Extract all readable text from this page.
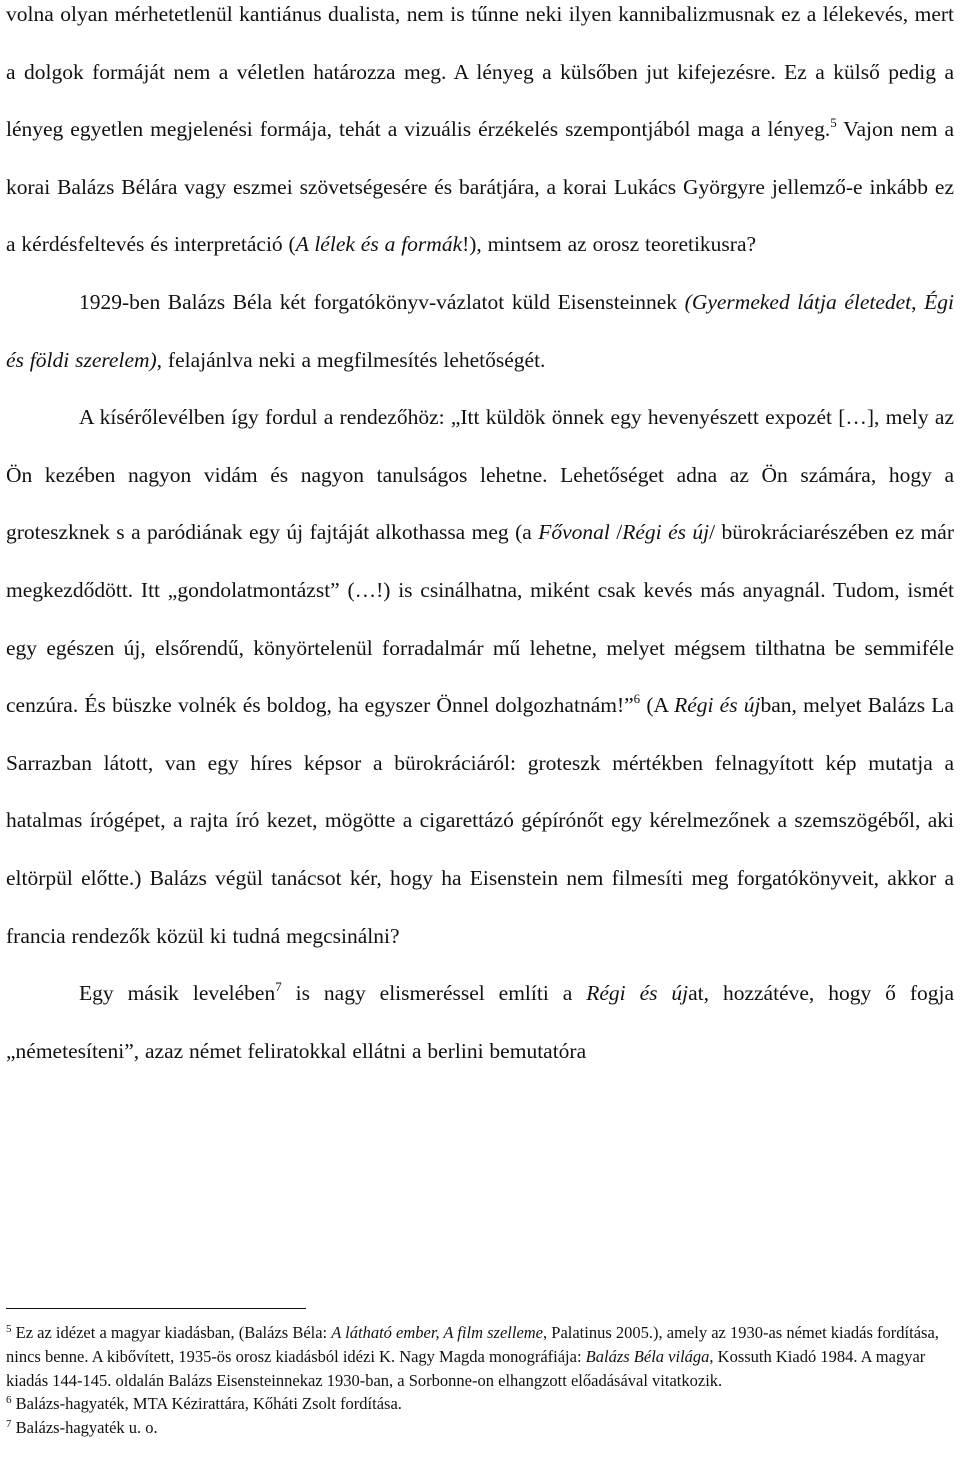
volna olyan mérhetetlenül kantiánus dualista, nem is tűnne neki ilyen kannibalizmusnak ez a lélekevés, mert a dolgok formáját nem a véletlen határozza meg. A lényeg a külsőben jut kifejezésre. Ez a külső pedig a lényeg egyetlen megjelenési formája, tehát a vizuális érzékelés szempontjából maga a lényeg.$^5$ Vajon nem a korai Balázs Bélára vagy eszmei szövetségesére és barátjára, a korai Lukács Györgyre jellemző-e inkább ez a kérdésfeltevés és interpretáció (A lélek és a formák!), mintsem az orosz teoretikusra?

1929-ben Balázs Béla két forgatókönyv-vázlatot küld Eisensteinnek (Gyermeked látja életedet, Égi és földi szerelem), felajánlva neki a megfilmesítés lehetőségét.

A kísérőlevélben így fordul a rendezőhöz: „Itt küldök önnek egy hevenyészett expozét […], mely az Ön kezében nagyon vidám és nagyon tanulságos lehetne. Lehetőséget adna az Ön számára, hogy a groteszknek s a paródiának egy új fajtáját alkothassa meg (a Fővonal /Régi és új/ bürokráciarészében ez már megkezdődött. Itt „gondolatmontázst” (…!) is csinálhatna, miként csak kevés más anyagnál. Tudom, ismét egy egészen új, elsőrendű, könyörtelenül forradalmár mű lehetne, melyet mégsem tilthatna be semmiféle cenzúra. És büszke volnék és boldog, ha egyszer Önnel dolgozhatnám!”$^6$ (A Régi és újban, melyet Balázs La Sarrazban látott, van egy híres képsor a bürokráciáról: groteszk mértékben felnagyított kép mutatja a hatalmas írógépet, a rajta író kezet, mögötte a cigarettázó gépírónőt egy kérelmezőnek a szemszögéből, aki eltörpül előtte.) Balázs végül tanácsot kér, hogy ha Eisenstein nem filmesíti meg forgatókönyveit, akkor a francia rendezők közül ki tudná megcsinálni?

Egy másik levelében$^7$ is nagy elismeréssel említi a Régi és újat, hozzátéve, hogy ő fogja „németesíteni”, azaz német feliratokkal ellátni a berlini bemutatóra

$^5$ Ez az idézet a magyar kiadásban, (Balázs Béla: A látható ember, A film szelleme, Palatinus 2005.), amely az 1930-as német kiadás fordítása, nincs benne. A kibővített, 1935-ös orosz kiadásból idézi K. Nagy Magda monográfiája: Balázs Béla világa, Kossuth Kiadó 1984. A magyar kiadás 144-145. oldalán Balázs Eisensteinnekaz 1930-ban, a Sorbonne-on elhangzott előadásával vitatkozik.

$^6$ Balázs-hagyaték, MTA Kézirattára, Kőháti Zsolt fordítása.

$^7$ Balázs-hagyaték u. o.
